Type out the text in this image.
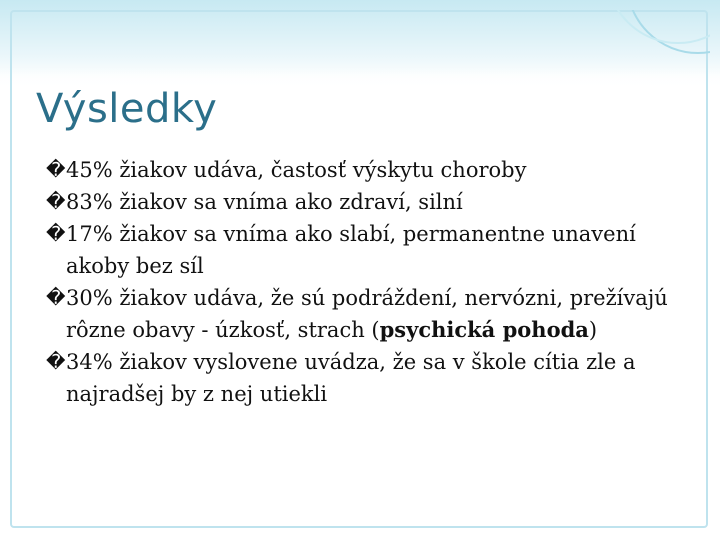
Výsledky
� 45% žiakov udáva, častosť výskytu choroby
� 83% žiakov sa vníma ako zdraví, silní
� 17% žiakov sa vníma ako slabí, permanentne unavení akoby bez síl
� 30% žiakov udáva, že sú podráždení, nervózni, prežívajú rôzne obavy - úzkosť, strach (psychická pohoda)
� 34% žiakov vyslovene uvádza, že sa v škole cítia zle a najradšej by z nej utiekli
